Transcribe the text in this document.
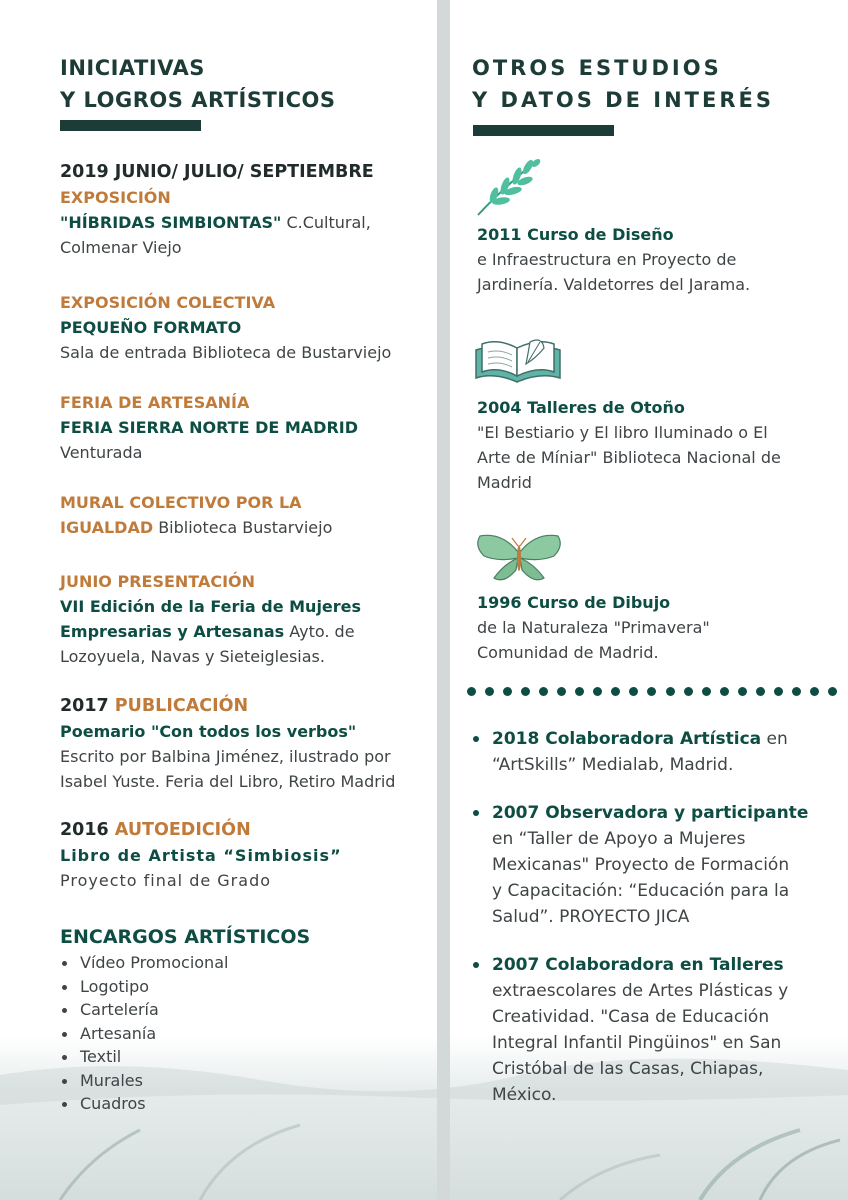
INICIATIVAS
Y LOGROS ARTÍSTICOS
2019 JUNIO/ JULIO/ SEPTIEMBRE
EXPOSICIÓN
"HÍBRIDAS SIMBIONTAS" C.Cultural,
Colmenar Viejo
EXPOSICIÓN COLECTIVA
PEQUEÑO FORMATO
Sala de entrada Biblioteca de Bustarviejo
FERIA DE ARTESANÍA
FERIA SIERRA NORTE DE MADRID
Venturada
MURAL COLECTIVO POR LA
IGUALDAD Biblioteca Bustarviejo
JUNIO PRESENTACIÓN
VII Edición de la Feria de Mujeres
Empresarias y Artesanas Ayto. de
Lozoyuela, Navas y Sieteiglesias.
2017 PUBLICACIÓN
Poemario "Con todos los verbos"
Escrito por Balbina Jiménez, ilustrado por
Isabel Yuste. Feria del Libro, Retiro Madrid
2016 AUTOEDICIÓN
Libro de Artista “Simbiosis”
Proyecto final de Grado
ENCARGOS ARTÍSTICOS
Vídeo Promocional
Logotipo
Cartelería
Artesanía
Textil
Murales
Cuadros
OTROS ESTUDIOS
Y DATOS DE INTERÉS
2011 Curso de Diseño
e Infraestructura en Proyecto de
Jardinería. Valdetorres del Jarama.
2004 Talleres de Otoño
"El Bestiario y El libro Iluminado o El
Arte de Míniar" Biblioteca Nacional de
Madrid
1996 Curso de Dibujo
de la Naturaleza "Primavera"
Comunidad de Madrid.
2018 Colaboradora Artística en
“ArtSkills” Medialab, Madrid.
2007 Observadora y participante
en “Taller de Apoyo a Mujeres
Mexicanas" Proyecto de Formación
y Capacitación: “Educación para la
Salud”. PROYECTO JICA
2007 Colaboradora en Talleres
extraescolares de Artes Plásticas y
Creatividad. "Casa de Educación
Integral Infantil Pingüinos" en San
Cristóbal de las Casas, Chiapas,
México.
